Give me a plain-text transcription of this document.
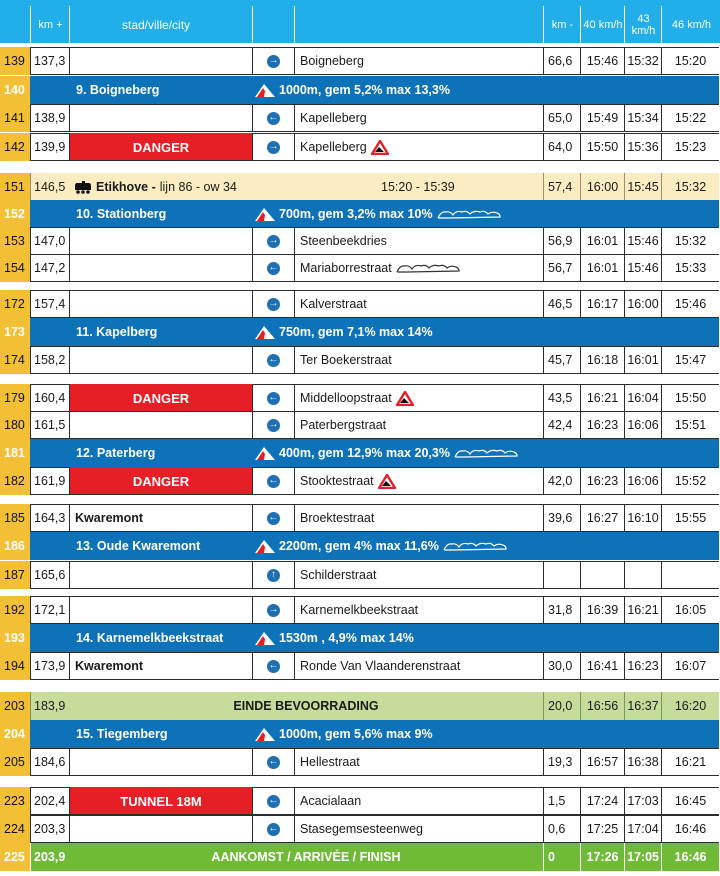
km +	stad/ville/city	km - 40 km/h	43 km/h	46 km/h
139 137,3	→ Boigneberg	66,6	15:46 15:32	15:20
140	9. Boigneberg	1000m, gem 5,2% max 13,3%
141 138,9	← Kapelleberg	65,0	15:49 15:34	15:22
142 139,9	DANGER	→ Kapelleberg	64,0	15:50 15:36	15:23
151 146,5 Etikhove - lijn 86 - ow 34	15:20 - 15:39	57,4	16:00 15:45	15:32
152	10. Stationberg	700m, gem 3,2% max 10%
153 147,0	→ Steenbeekdries	56,9	16:01 15:46	15:32
154 147,2	← Mariaborrestraat	56,7	16:01 15:46	15:33
172 157,4	→ Kalverstraat	46,5	16:17 16:00	15:46
173	11. Kapelberg	750m, gem 7,1% max 14%
174 158,2	← Ter Boekerstraat	45,7	16:18 16:01	15:47
179 160,4	DANGER	← Middelloopstraat	43,5	16:21 16:04	15:50
180 161,5	→ Paterbergstraat	42,4	16:23 16:06	15:51
181	12. Paterberg	400m, gem 12,9% max 20,3%
182 161,9	DANGER	← Stooktestraat	42,0	16:23 16:06	15:52
185 164,3 Kwaremont	← Broektestraat	39,6	16:27 16:10	15:55
186	13. Oude Kwaremont	2200m, gem 4% max 11,6%
187 165,6	↑	Schilderstraat
192 172,1	→ Karnemelkbeekstraat	31,8	16:39 16:21	16:05
193	14. Karnemelkbeekstraat	1530m , 4,9% max 14%
194 173,9 Kwaremont	← Ronde Van Vlaanderenstraat	30,0	16:41 16:23	16:07
203 183,9	EINDE BEVOORRADING	20,0	16:56 16:37	16:20
204	15. Tiegemberg	1000m, gem 5,6% max 9%
205 184,6	← Hellestraat	19,3	16:57 16:38	16:21
223 202,4	TUNNEL 18M	← Acacialaan	1,5	17:24 17:03	16:45
224 203,3	← Stasegemsesteenweg	0,6	17:25 17:04	16:46
225 203,9	AANKOMST / ARRIVÉE / FINISH	0	17:26 17:05	16:46
